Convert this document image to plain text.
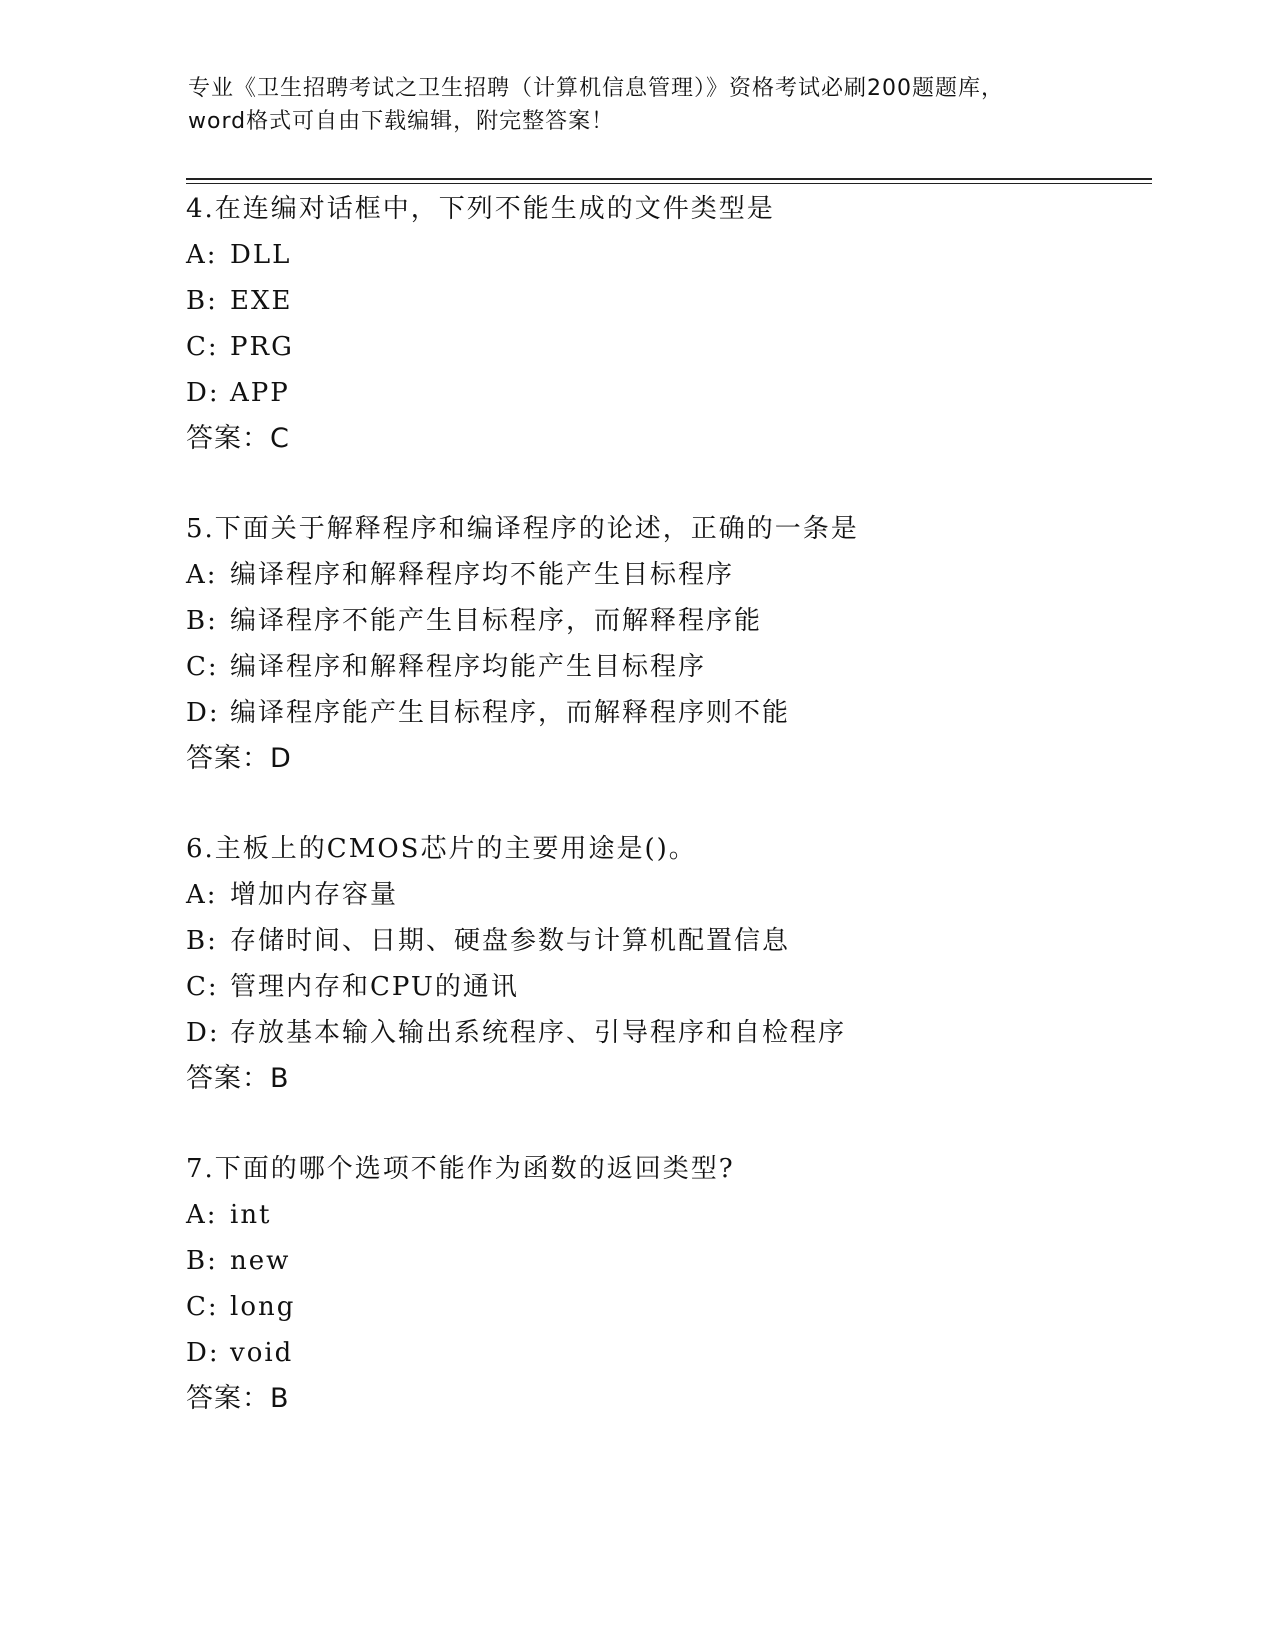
专业《卫生招聘考试之卫生招聘（计算机信息管理）》资格考试必刷200题题库，
word格式可自由下载编辑，附完整答案！
4.在连编对话框中，下列不能生成的文件类型是
A: DLL
B: EXE
C: PRG
D: APP
答案：C
5.下面关于解释程序和编译程序的论述，正确的一条是
A: 编译程序和解释程序均不能产生目标程序
B: 编译程序不能产生目标程序，而解释程序能
C: 编译程序和解释程序均能产生目标程序
D: 编译程序能产生目标程序，而解释程序则不能
答案：D
6.主板上的CMOS芯片的主要用途是()。
A: 增加内存容量
B: 存储时间、日期、硬盘参数与计算机配置信息
C: 管理内存和CPU的通讯
D: 存放基本输入输出系统程序、引导程序和自检程序
答案：B
7.下面的哪个选项不能作为函数的返回类型?
A: int
B: new
C: long
D: void
答案：B
